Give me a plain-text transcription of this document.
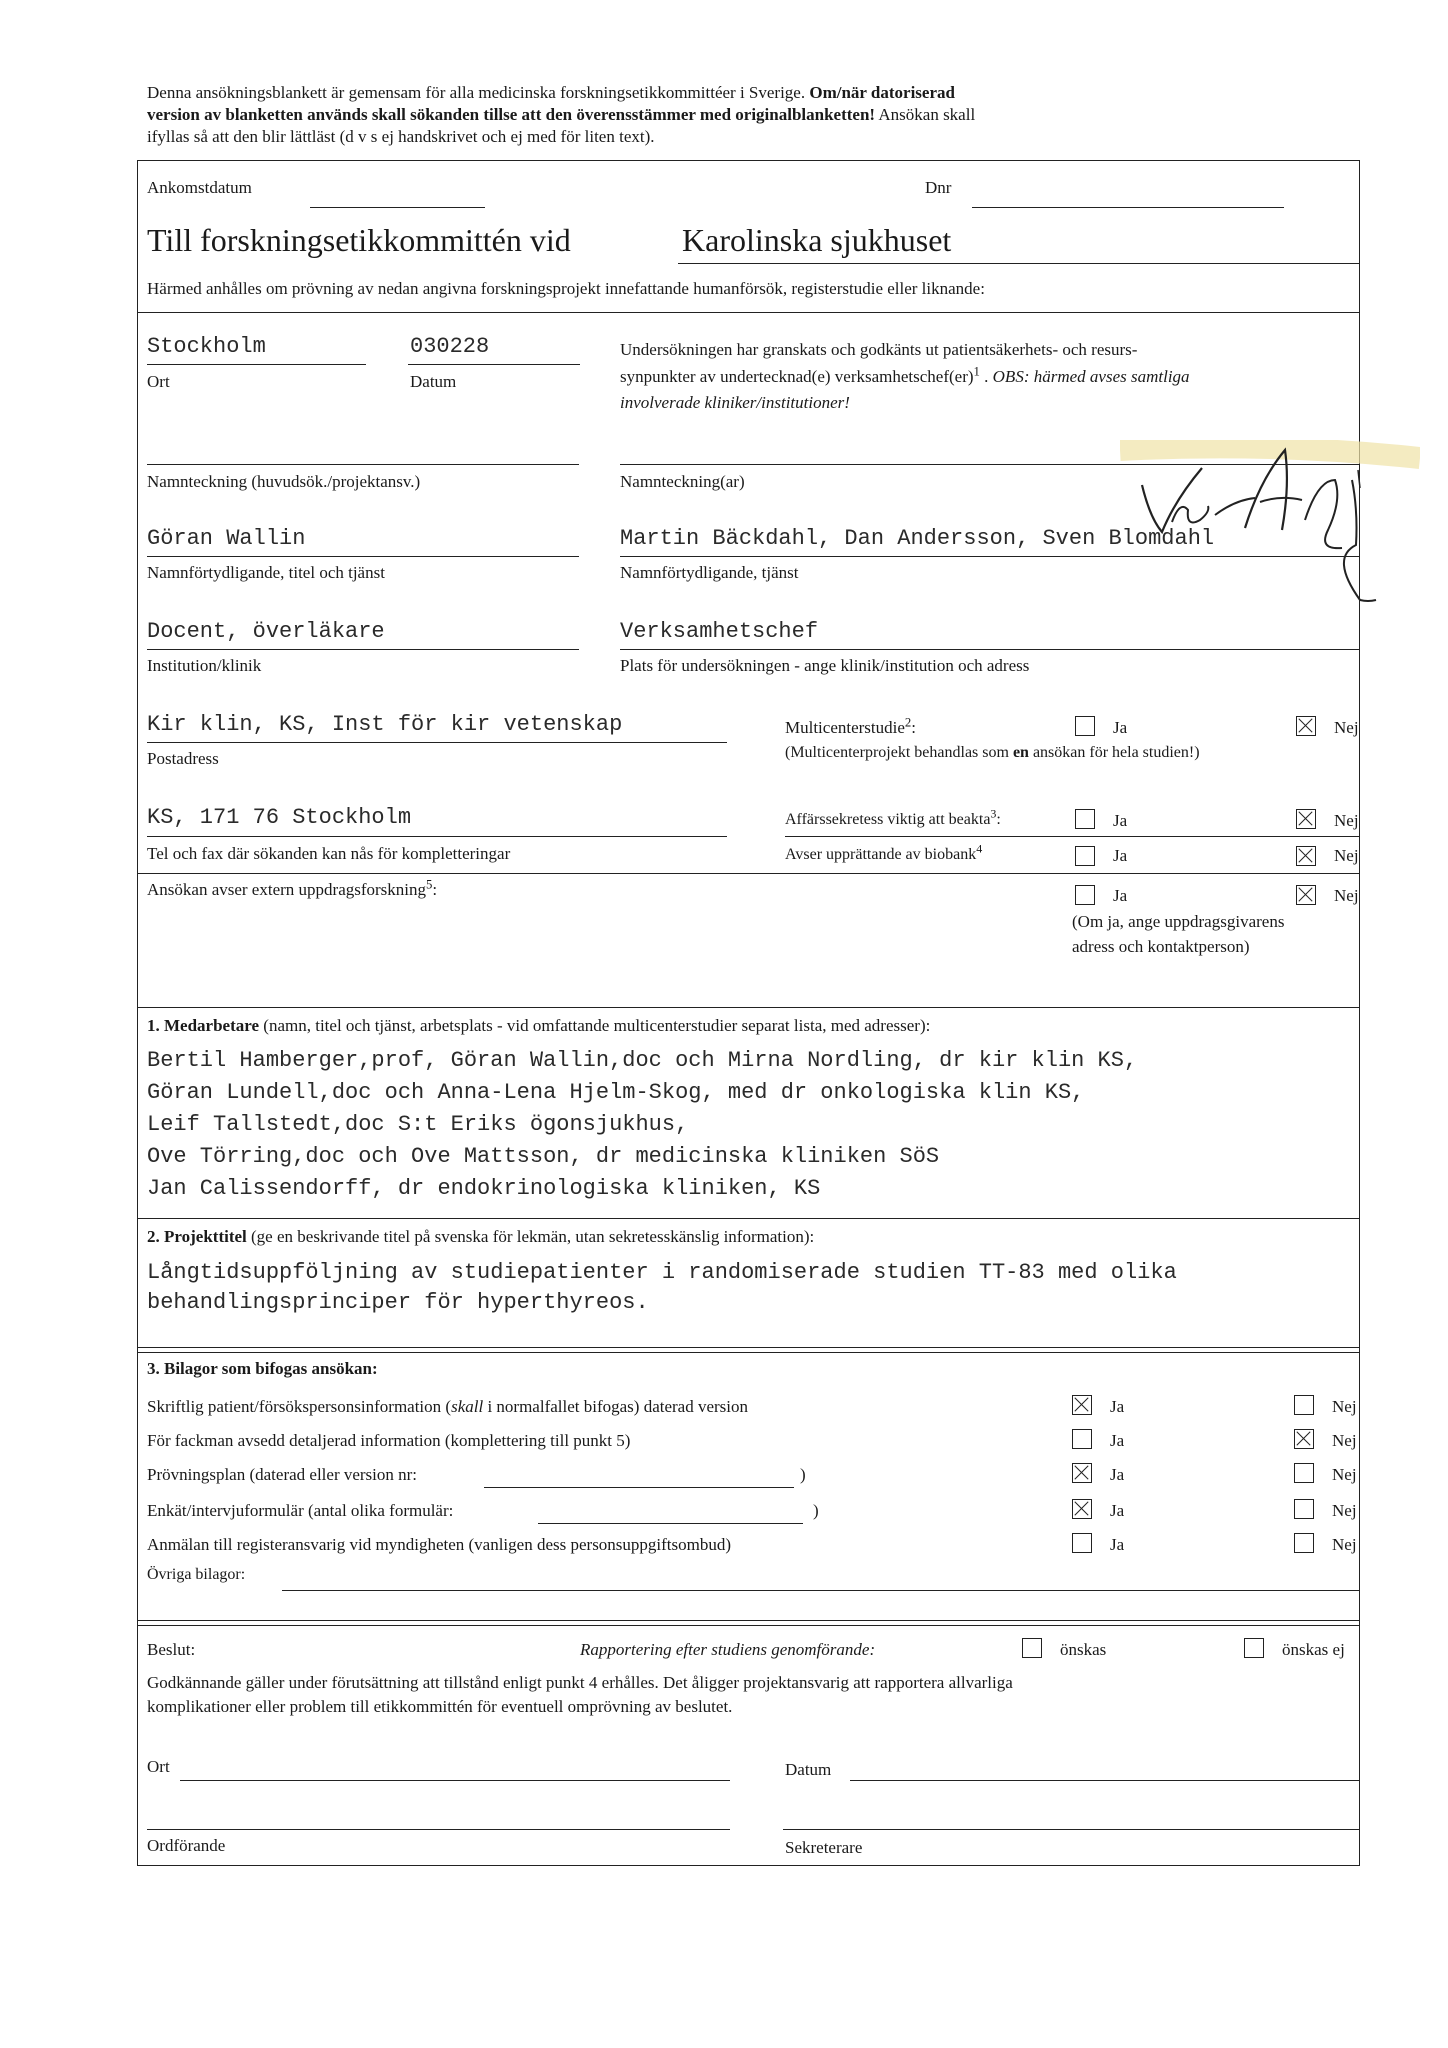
Denna ansökningsblankett är gemensam för alla medicinska forskningsetikkommittéer i Sverige. Om/när datoriserad
version av blanketten används skall sökanden tillse att den överensstämmer med originalblanketten! Ansökan skall
ifyllas så att den blir lättläst (d v s ej handskrivet och ej med för liten text).
Ankomstdatum	Dnr
Till forskningsetikkommittén vid	Karolinska sjukhuset
Härmed anhålles om prövning av nedan angivna forskningsprojekt innefattande humanförsök, registerstudie eller liknande:
Stockholm
Ort
030228
Datum
Undersökningen har granskats och godkänts ut patientsäkerhets- och resurs-
synpunkter av undertecknad(e) verksamhetschef(er)$^1$ . OBS: härmed avses samtliga
involverade kliniker/institutioner!
Namnteckning (huvudsök./projektansv.)	Namnteckning(ar)
Göran Wallin
Namnförtydligande, titel och tjänst
Martin Bäckdahl, Dan Andersson, Sven Blomdahl
Namnförtydligande, tjänst
Docent, överläkare
Institution/klinik
Verksamhetschef
Plats för undersökningen - ange klinik/institution och adress
Kir klin, KS, Inst för kir vetenskap
Postadress
Multicenterstudie$^2$:	Ja	Nej
(Multicenterprojekt behandlas som en ansökan för hela studien!)
KS, 171 76 Stockholm
Tel och fax där sökanden kan nås för kompletteringar
Affärssekretess viktig att beakta$^3$:	Ja	Nej
Avser upprättande av biobank$^4$	Ja	Nej
Ansökan avser extern uppdragsforskning$^5$:	Ja	Nej
(Om ja, ange uppdragsgivarens
adress och kontaktperson)
1. Medarbetare (namn, titel och tjänst, arbetsplats - vid omfattande multicenterstudier separat lista, med adresser):
Bertil Hamberger,prof, Göran Wallin,doc och Mirna Nordling, dr kir klin KS,
Göran Lundell,doc och Anna-Lena Hjelm-Skog, med dr onkologiska klin KS,
Leif Tallstedt,doc S:t Eriks ögonsjukhus,
Ove Törring,doc och Ove Mattsson, dr medicinska kliniken SöS
Jan Calissendorff, dr endokrinologiska kliniken, KS
2. Projekttitel (ge en beskrivande titel på svenska för lekmän, utan sekretesskänslig information):
Långtidsuppföljning av studiepatienter i randomiserade studien TT-83 med olika
behandlingsprinciper för hyperthyreos.
3. Bilagor som bifogas ansökan:
Skriftlig patient/försökspersonsinformation (skall i normalfallet bifogas) daterad version	Ja	Nej
För fackman avsedd detaljerad information (komplettering till punkt 5)	Ja	Nej
Prövningsplan (daterad eller version nr:	)	Ja	Nej
Enkät/intervjuformulär (antal olika formulär:	)	Ja	Nej
Anmälan till registeransvarig vid myndigheten (vanligen dess personsuppgiftsombud)	Ja	Nej
Övriga bilagor:
Beslut:	Rapportering efter studiens genomförande:	önskas	önskas ej
Godkännande gäller under förutsättning att tillstånd enligt punkt 4 erhålles. Det åligger projektansvarig att rapportera allvarliga
komplikationer eller problem till etikkommittén för eventuell omprövning av beslutet.
Ort	Datum
Ordförande	Sekreterare
